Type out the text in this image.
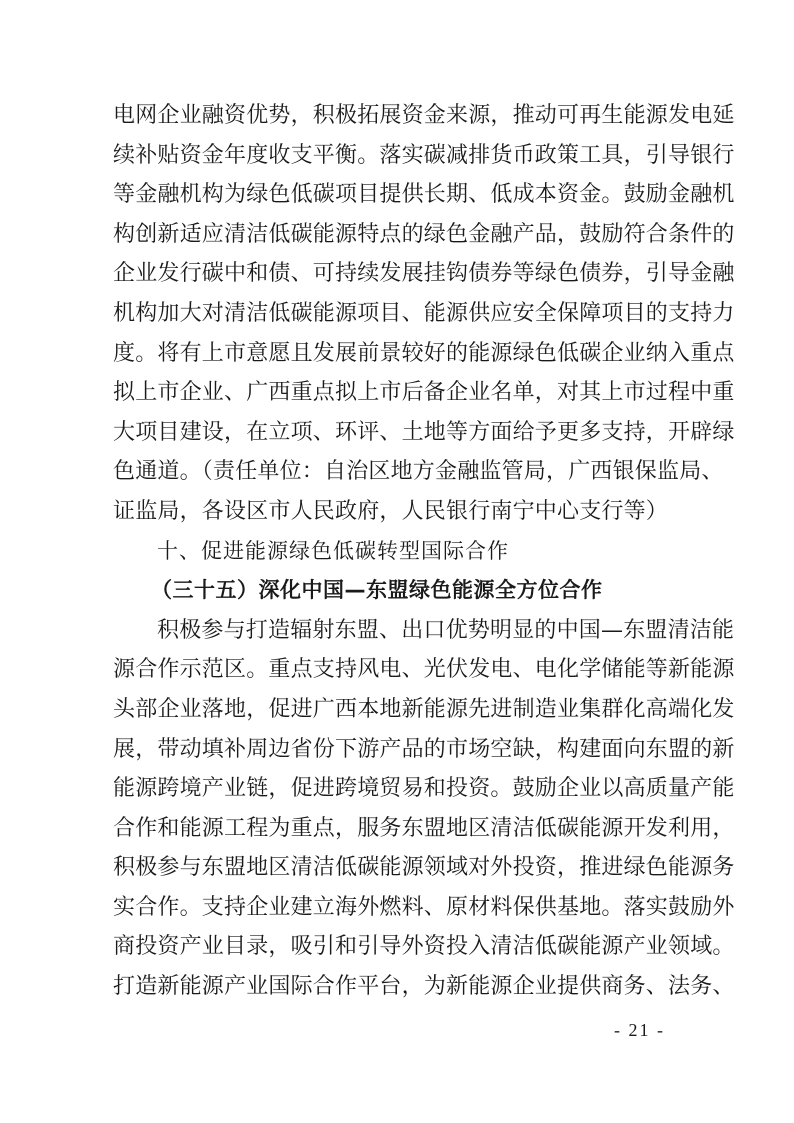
电网企业融资优势，积极拓展资金来源，推动可再生能源发电延
续补贴资金年度收支平衡。落实碳减排货币政策工具，引导银行
等金融机构为绿色低碳项目提供长期、低成本资金。鼓励金融机
构创新适应清洁低碳能源特点的绿色金融产品，鼓励符合条件的
企业发行碳中和债、可持续发展挂钩债券等绿色债券，引导金融
机构加大对清洁低碳能源项目、能源供应安全保障项目的支持力
度。将有上市意愿且发展前景较好的能源绿色低碳企业纳入重点
拟上市企业、广西重点拟上市后备企业名单，对其上市过程中重
大项目建设，在立项、环评、土地等方面给予更多支持，开辟绿
色通道。（责任单位：自治区地方金融监管局，广西银保监局、
证监局，各设区市人民政府，人民银行南宁中心支行等）
十、促进能源绿色低碳转型国际合作
（三十五）深化中国—东盟绿色能源全方位合作
积极参与打造辐射东盟、出口优势明显的中国—东盟清洁能
源合作示范区。重点支持风电、光伏发电、电化学储能等新能源
头部企业落地，促进广西本地新能源先进制造业集群化高端化发
展，带动填补周边省份下游产品的市场空缺，构建面向东盟的新
能源跨境产业链，促进跨境贸易和投资。鼓励企业以高质量产能
合作和能源工程为重点，服务东盟地区清洁低碳能源开发利用，
积极参与东盟地区清洁低碳能源领域对外投资，推进绿色能源务
实合作。支持企业建立海外燃料、原材料保供基地。落实鼓励外
商投资产业目录，吸引和引导外资投入清洁低碳能源产业领域。
打造新能源产业国际合作平台，为新能源企业提供商务、法务、
- 21 -
